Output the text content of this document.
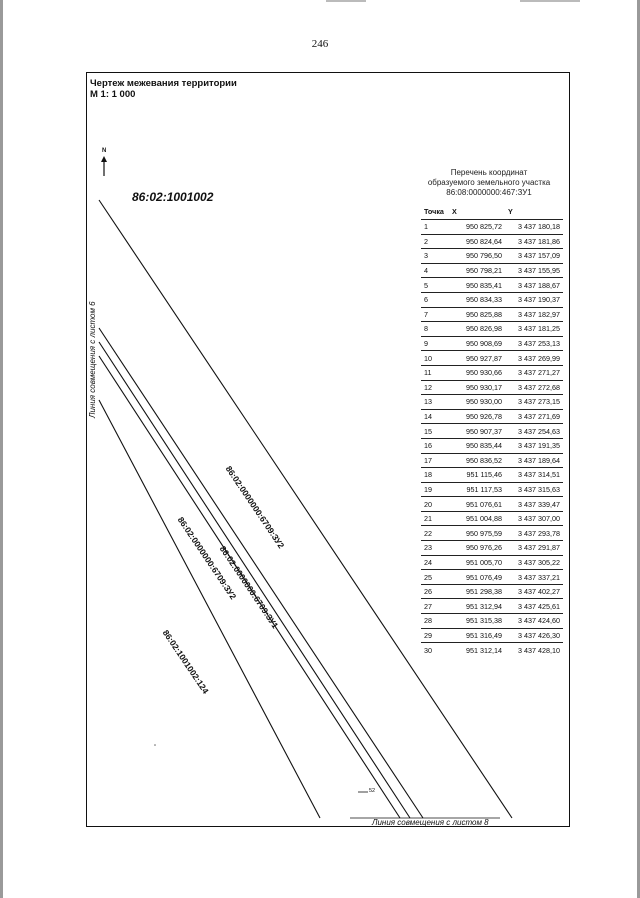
246
Чертеж межевания территории
М 1: 1 000
N
86:02:1001002
86:02:0000000:6709:ЗУ2
86:02:0000000:6709:ЗУ1
86:02:0000000:6709:ЗУ2
86:02:1001002:124
Линия совмещения с листом 6
Линия совмещения с листом 8
52
Перечень координат
образуемого земельного участка
86:08:0000000:467:ЗУ1
Точка	X	Y
1	950 825,72	3 437 180,18
2	950 824,64	3 437 181,86
3	950 796,50	3 437 157,09
4	950 798,21	3 437 155,95
5	950 835,41	3 437 188,67
6	950 834,33	3 437 190,37
7	950 825,88	3 437 182,97
8	950 826,98	3 437 181,25
9	950 908,69	3 437 253,13
10	950 927,87	3 437 269,99
11	950 930,66	3 437 271,27
12	950 930,17	3 437 272,68
13	950 930,00	3 437 273,15
14	950 926,78	3 437 271,69
15	950 907,37	3 437 254,63
16	950 835,44	3 437 191,35
17	950 836,52	3 437 189,64
18	951 115,46	3 437 314,51
19	951 117,53	3 437 315,63
20	951 076,61	3 437 339,47
21	951 004,88	3 437 307,00
22	950 975,59	3 437 293,78
23	950 976,26	3 437 291,87
24	951 005,70	3 437 305,22
25	951 076,49	3 437 337,21
26	951 298,38	3 437 402,27
27	951 312,94	3 437 425,61
28	951 315,38	3 437 424,60
29	951 316,49	3 437 426,30
30	951 312,14	3 437 428,10
